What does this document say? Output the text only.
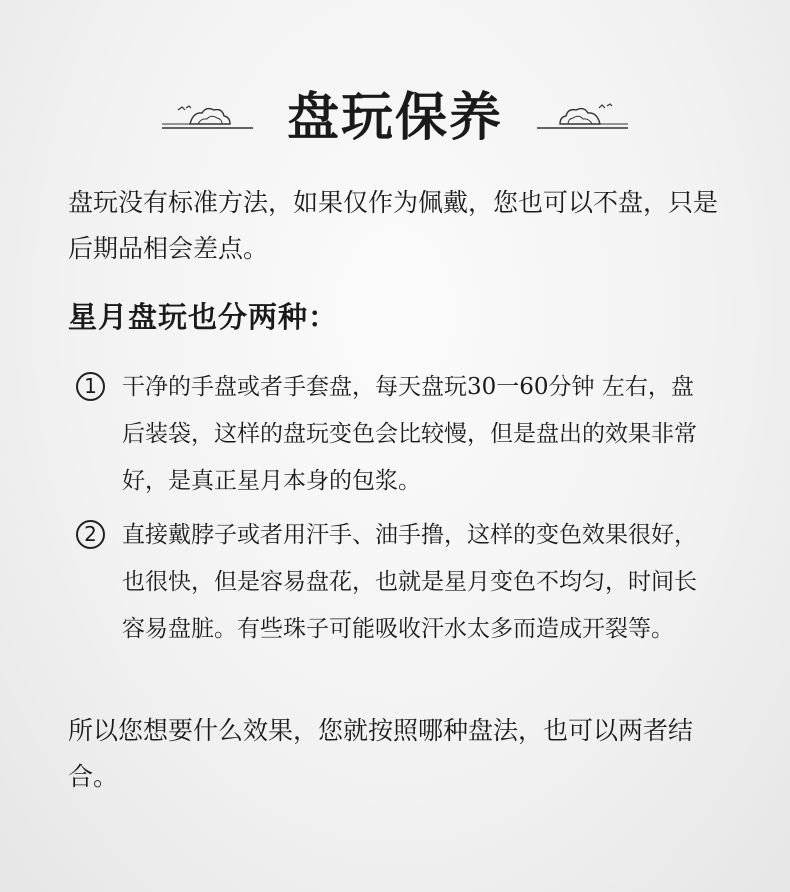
盘玩保养

盘玩没有标准方法，如果仅作为佩戴，您也可以不盘，只是后期品相会差点。

星月盘玩也分两种：
1	干净的手盘或者手套盘，每天盘玩30一60分钟 左右，盘后装袋，这样的盘玩变色会比较慢，但是盘出的效果非常好，是真正星月本身的包浆。

2	直接戴脖子或者用汗手、油手撸，这样的变色效果很好，也很快，但是容易盘花，也就是星月变色不均匀，时间长容易盘脏。有些珠子可能吸收汗水太多而造成开裂等。

所以您想要什么效果，您就按照哪种盘法，也可以两者结合。
